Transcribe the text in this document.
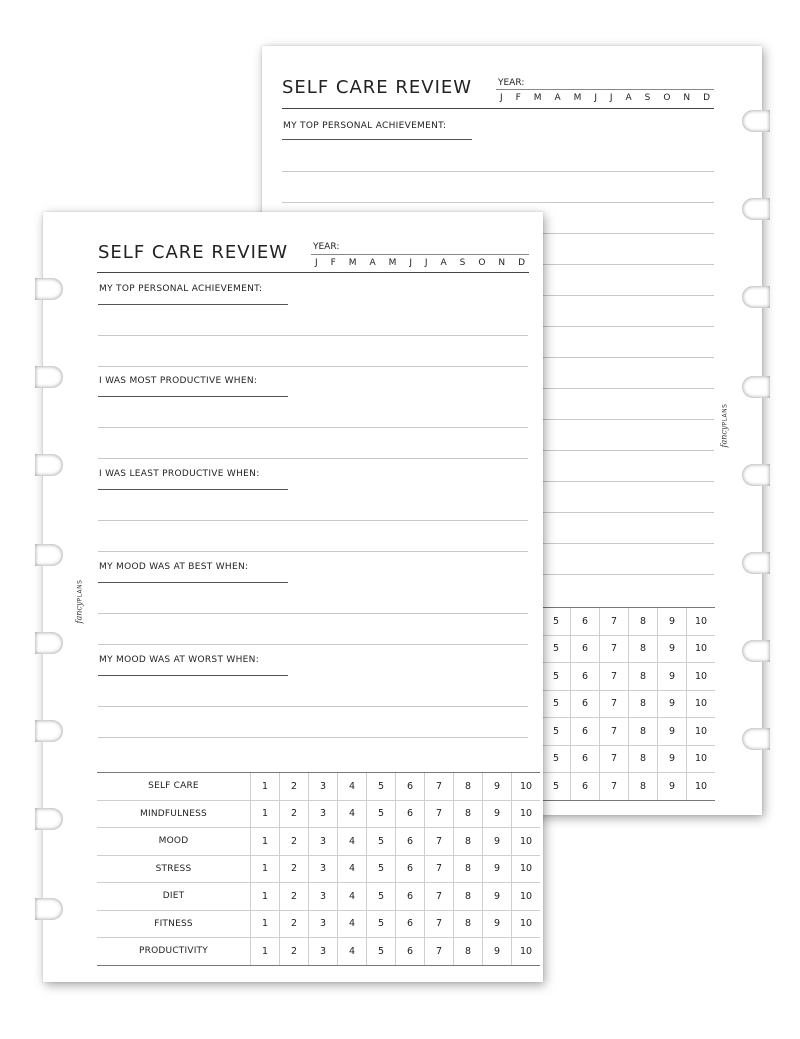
SELF CARE REVIEW	YEAR:
J F M A M J J A S O N D
MY TOP PERSONAL ACHIEVEMENT:
5	6	7	8	9	10
5	6	7	8	9	10
5	6	7	8	9	10
5	6	7	8	9	10
5	6	7	8	9	10
5	6	7	8	9	10
5	6	7	8	9	10
fancyPLANS
SELF CARE REVIEW	YEAR:
J F M A M J J A S O N D
MY TOP PERSONAL ACHIEVEMENT:
I WAS MOST PRODUCTIVE WHEN:
I WAS LEAST PRODUCTIVE WHEN:
MY MOOD WAS AT BEST WHEN:
MY MOOD WAS AT WORST WHEN:
SELF CARE	1	2	3	4	5	6	7	8	9	10
MINDFULNESS	1	2	3	4	5	6	7	8	9	10
MOOD	1	2	3	4	5	6	7	8	9	10
STRESS	1	2	3	4	5	6	7	8	9	10
DIET	1	2	3	4	5	6	7	8	9	10
FITNESS	1	2	3	4	5	6	7	8	9	10
PRODUCTIVITY	1	2	3	4	5	6	7	8	9	10
fancyPLANS
